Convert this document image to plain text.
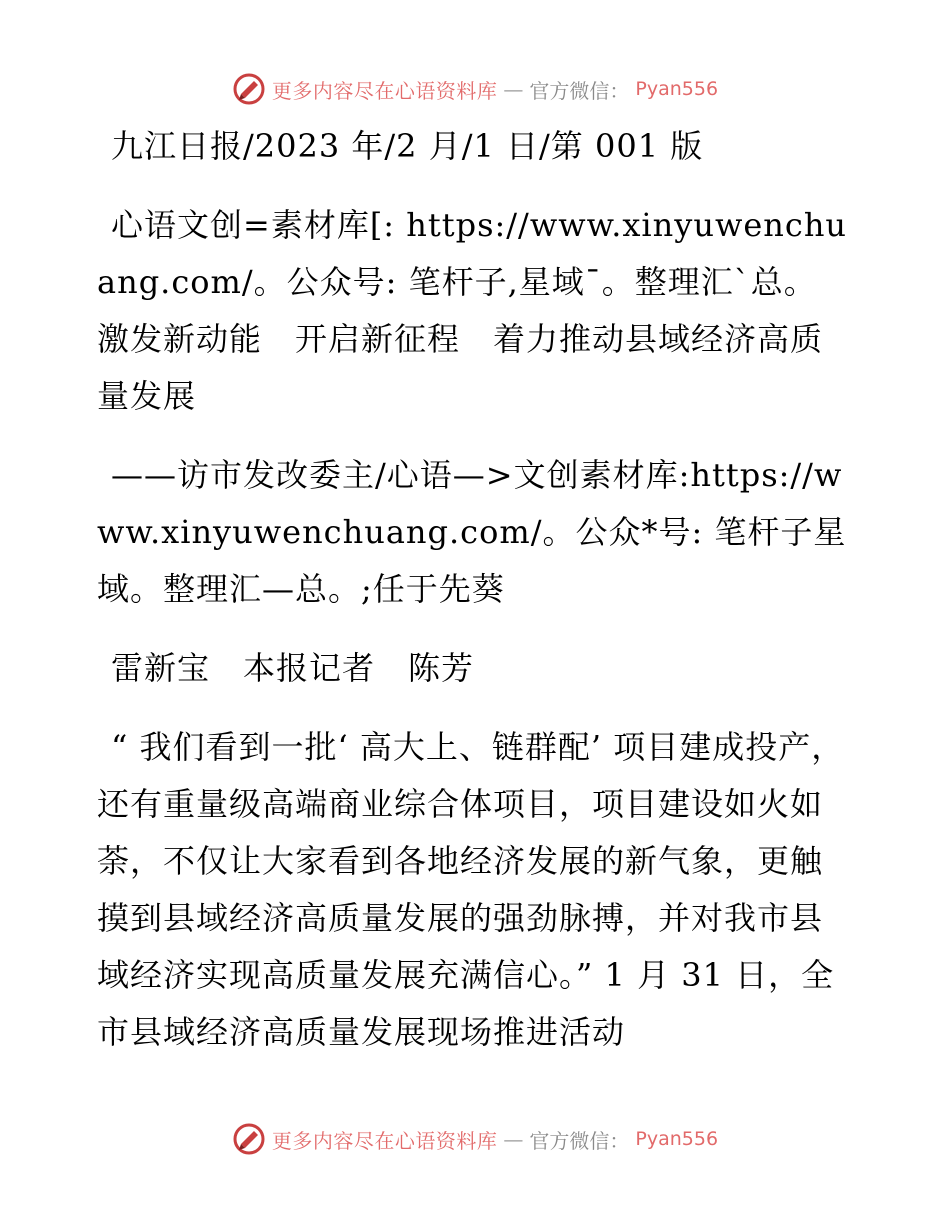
更多内容尽在心语资料库 — 官方微信： Pyan556

九江日报/2023 年/2 月/1 日/第 001 版

心语文创=素材库[: https://www.xinyuwenchuang.com/。公众号: 笔杆子,星域¯。整理汇`总。激发新动能　开启新征程　着力推动县域经济高质量发展

——访市发改委主/心语—>文创素材库:https://www.xinyuwenchuang.com/。公众*号: 笔杆子星域。整理汇—总。;任于先葵

雷新宝　本报记者　陈芳

“ 我们看到一批‘ 高大上、链群配’ 项目建成投产，还有重量级高端商业综合体项目，项目建设如火如荼，不仅让大家看到各地经济发展的新气象，更触摸到县域经济高质量发展的强劲脉搏，并对我市县域经济实现高质量发展充满信心。” 1 月 31 日，全市县域经济高质量发展现场推进活动

更多内容尽在心语资料库 — 官方微信： Pyan556
